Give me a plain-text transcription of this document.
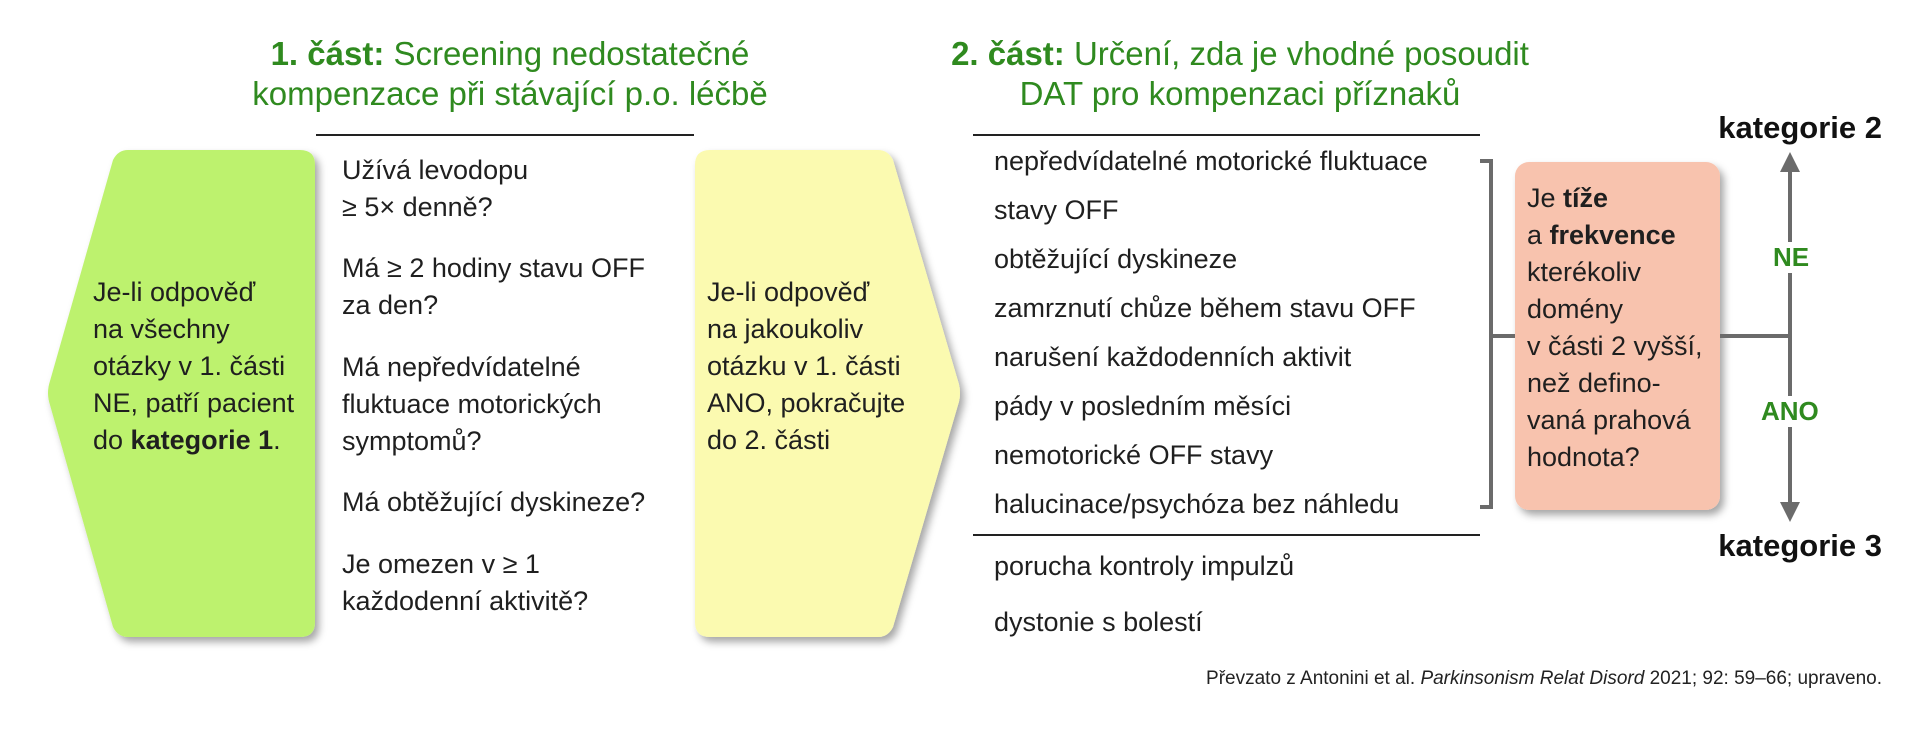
1. část: Screening nedostatečné
kompenzace při stávající p.o. léčbě
2. část: Určení, zda je vhodné posoudit
DAT pro kompenzaci příznaků
Je-li odpověď
na všechny
otázky v 1. části
NE, patří pacient
do kategorie 1.
Užívá levodopu
≥ 5× denně?
Má ≥ 2 hodiny stavu OFF
za den?
Má nepředvídatelné
fluktuace motorických
symptomů?
Má obtěžující dyskineze?
Je omezen v ≥ 1
každodenní aktivitě?
Je-li odpověď
na jakoukoliv
otázku v 1. části
ANO, pokračujte
do 2. části
nepředvídatelné motorické fluktuace
stavy OFF
obtěžující dyskineze
zamrznutí chůze během stavu OFF
narušení každodenních aktivit
pády v posledním měsíci
nemotorické OFF stavy
halucinace/psychóza bez náhledu
porucha kontroly impulzů
dystonie s bolestí
Je tíže
a frekvence
kterékoliv
domény
v části 2 vyšší,
než defino-
vaná prahová
hodnota?
kategorie 2
kategorie 3
NE
ANO
Převzato z Antonini et al. Parkinsonism Relat Disord 2021; 92: 59–66; upraveno.
